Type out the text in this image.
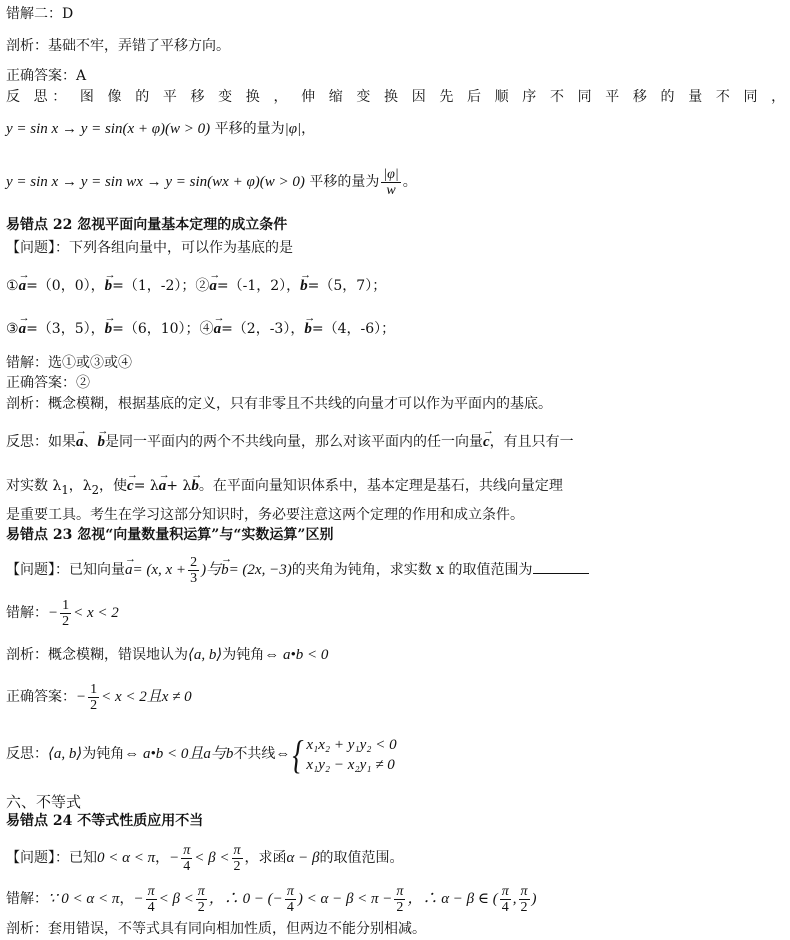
错解二：D
剖析：基础不牢，弄错了平移方向。
正确答案：A
反 思： 图 像 的 平 移 变 换 ， 伸 缩 变 换 因 先 后 顺 序 不 同 平 移 的 量 不 同 ，
y = sin x → y = sin(x + φ)(w > 0) 平移的量为|φ|，
y = sin x → y = sin wx → y = sin(wx + φ)(w > 0) 平移的量为 $\frac{|\varphi|}{w}$ 。
易错点 22 忽视平面向量基本定理的成立条件
【问题】：下列各组向量中，可以作为基底的是
①→ a=（0，0），→ b=（1，-2）；②→ a=（-1，2），→ b=（5，7）；
③→ a=（3，5），→ b=（6，10）；④→ a=（2，-3），→ b=（4，-6）；
错解：选①或③或④
正确答案：②
剖析：概念模糊，根据基底的定义，只有非零且不共线的向量才可以作为平面内的基底。
反思：如果→ a、→ b是同一平面内的两个不共线向量，那么对该平面内的任一向量→ c，有且只有一
对实数 $\lambda_1$，$\lambda_2$，使→ c= λ→ a+ λ→ b。在平面向量知识体系中，基本定理是基石，共线向量定理
是重要工具。考生在学习这部分知识时，务必要注意这两个定理的作用和成立条件。
易错点 23 忽视“向量数量积运算”与“实数运算”区别
【问题】：已知向量→ a= (x, $x + \frac{2}{3}$ )与→ b= (2x, −3)的夹角为钝角，求实数 x 的取值范围为
错解：− $\frac{1}{2} < x < 2$
剖析：概念模糊，错误地认为⟨a, b⟩为钝角⇔ a•b < 0
正确答案：− $\frac{1}{2} < x < 2$且x ≠ 0
反思：⟨a, b⟩为钝角⇔ a•b < 0且a与b不共线⇔{ x₁x₂ + y₁y₂ < 0
x₁y₂ − x₂y₁ ≠ 0
六、不等式
易错点 24 不等式性质应用不当
【问题】：已知0 < α < π，− $\frac{\pi}{4} < \beta < \frac{\pi}{2}$ ，求函α − β的取值范围。
错解：∵ 0 < α < π，− $\frac{\pi}{4} < \beta < \frac{\pi}{2}$ ，∴ 0 − (− $\frac{\pi}{4}$ ) < $\alpha - \beta < \pi - \frac{\pi}{2}$ ，∴ α − β ∈ ( $\frac{\pi}{4}$ , $\frac{\pi}{2}$ )
剖析：套用错误，不等式具有同向相加性质，但两边不能分别相减。
